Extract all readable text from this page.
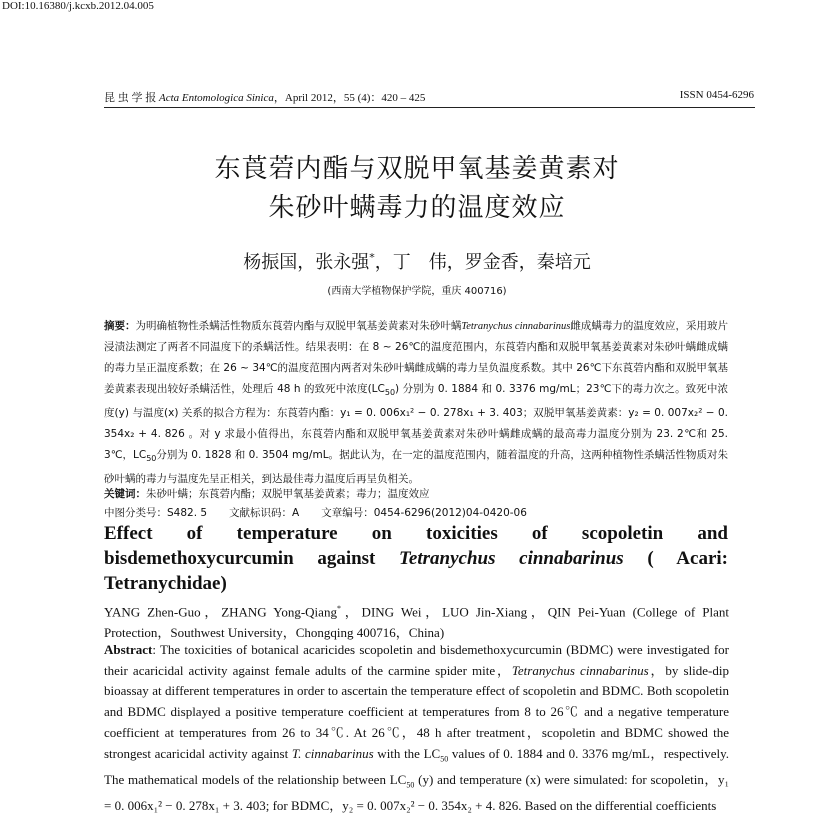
DOI:10.16380/j.kcxb.2012.04.005
昆 虫 学 报 Acta Entomologica Sinica，April 2012，55 (4)：420 – 425	ISSN 0454-6296
东莨菪内酯与双脱甲氧基姜黄素对
朱砂叶螨毒力的温度效应
杨振国，张永强*，丁　伟，罗金香，秦培元
(西南大学植物保护学院，重庆 400716)
摘要：为明确植物性杀螨活性物质东莨菪内酯与双脱甲氧基姜黄素对朱砂叶螨Tetranychus cinnabarinus雌成螨毒力的温度效应，采用玻片浸渍法测定了两者不同温度下的杀螨活性。结果表明：在 8 ~ 26℃的温度范围内，东莨菪内酯和双脱甲氧基姜黄素对朱砂叶螨雌成螨的毒力呈正温度系数；在 26 ~ 34℃的温度范围内两者对朱砂叶螨雌成螨的毒力呈负温度系数。其中 26℃下东莨菪内酯和双脱甲氧基姜黄素表现出较好杀螨活性，处理后 48 h 的致死中浓度$(LC_{50})$ 分别为 0. 1884 和 0. 3376 mg/mL；23℃下的毒力次之。致死中浓度(y) 与温度(x) 关系的拟合方程为：东莨菪内酯：y₁ = 0. 006x₁² − 0. 278x₁ + 3. 403；双脱甲氧基姜黄素：y₂ = 0. 007x₂² − 0. 354x₂ + 4. 826 。对 y 求最小值得出，东莨菪内酯和双脱甲氧基姜黄素对朱砂叶螨雌成螨的最高毒力温度分别为 23. 2℃和 25. 3℃，$LC_{50}$分别为 0. 1828 和 0. 3504 mg/mL。据此认为，在一定的温度范围内，随着温度的升高，这两种植物性杀螨活性物质对朱砂叶螨的毒力与温度先呈正相关，到达最佳毒力温度后再呈负相关。
关键词：朱砂叶螨；东莨菪内酯；双脱甲氧基姜黄素；毒力；温度效应
中图分类号：S482. 5 文献标识码：A 文章编号：0454-6296(2012)04-0420-06
Effect of temperature on toxicities of scopoletin and
bisdemethoxycurcumin against Tetranychus cinnabarinus ( Acari:
Tetranychidae)
YANG Zhen-Guo，ZHANG Yong-Qiang*，DING Wei，LUO Jin-Xiang，QIN Pei-Yuan (College of Plant Protection，Southwest University，Chongqing 400716，China)
Abstract: The toxicities of botanical acaricides scopoletin and bisdemethoxycurcumin (BDMC) were investigated for their acaricidal activity against female adults of the carmine spider mite，Tetranychus cinnabarinus，by slide-dip bioassay at different temperatures in order to ascertain the temperature effect of scopoletin and BDMC. Both scopoletin and BDMC displayed a positive temperature coefficient at temperatures from 8 to 26℃ and a negative temperature coefficient at temperatures from 26 to 34℃. At 26℃，48 h after treatment，scopoletin and BDMC showed the strongest acaricidal activity against T. cinnabarinus with the $LC_{50}$ values of 0. 1884 and 0. 3376 mg/mL，respectively. The mathematical models of the relationship between $LC_{50}$ (y) and temperature (x) were simulated: for scopoletin，y₁ = 0. 006x₁² − 0. 278x₁ + 3. 403; for BDMC，y₂ = 0. 007x₂² − 0. 354x₂ + 4. 826. Based on the differential coefficients
